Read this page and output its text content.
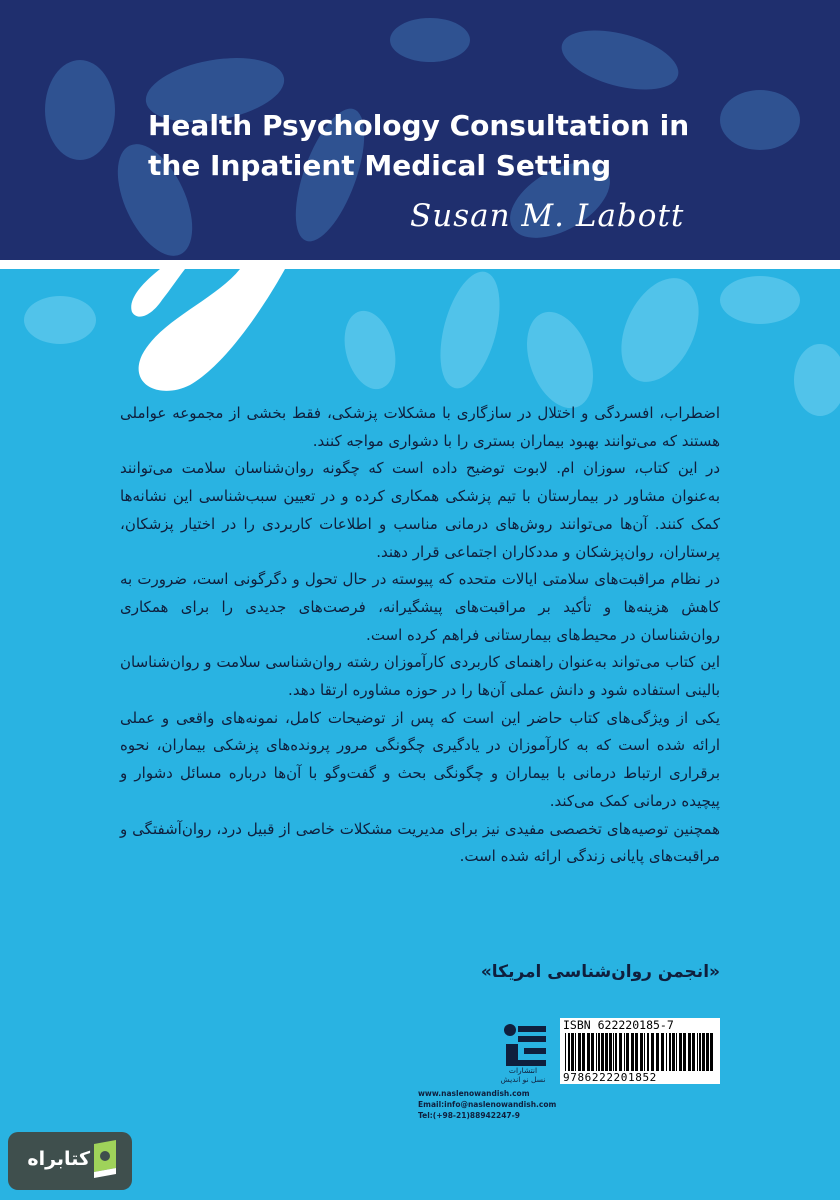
Health Psychology Consultation in
the Inpatient Medical Setting
Susan M. Labott

اضطراب، افسردگی و اختلال در سازگاری با مشکلات پزشکی، فقط بخشی از مجموعه عواملی هستند که می‌توانند بهبود بیماران بستری را با دشواری مواجه کنند.

در این کتاب، سوزان ام. لابوت توضیح داده است که چگونه روان‌شناسان سلامت می‌توانند به‌عنوان مشاور در بیمارستان با تیم پزشکی همکاری کرده و در تعیین سبب‌شناسی این نشانه‌ها کمک کنند. آن‌ها می‌توانند روش‌های درمانی مناسب و اطلاعات کاربردی را در اختیار پزشکان، پرستاران، روان‌پزشکان و مددکاران اجتماعی قرار دهند.

در نظام مراقبت‌های سلامتی ایالات متحده که پیوسته در حال تحول و دگرگونی است، ضرورت به کاهش هزینه‌ها و تأکید بر مراقبت‌های پیشگیرانه، فرصت‌های جدیدی را برای همکاری روان‌شناسان در محیط‌های بیمارستانی فراهم کرده است.

این کتاب می‌تواند به‌عنوان راهنمای کاربردی کارآموزان رشته روان‌شناسی سلامت و روان‌شناسان بالینی استفاده شود و دانش عملی آن‌ها را در حوزه مشاوره ارتقا دهد.

یکی از ویژگی‌های کتاب حاضر این است که پس از توضیحات کامل، نمونه‌های واقعی و عملی ارائه شده است که به کارآموزان در یادگیری چگونگی مرور پرونده‌های پزشکی بیماران، نحوه برقراری ارتباط درمانی با بیماران و چگونگی بحث و گفت‌وگو با آن‌ها درباره مسائل دشوار و پیچیده درمانی کمک می‌کند.

همچنین توصیه‌های تخصصی مفیدی نیز برای مدیریت مشکلات خاصی از قبیل درد، روان‌آشفتگی و مراقبت‌های پایانی زندگی ارائه شده است.

«انجمن روان‌شناسی امریکا»
انتشارات
نسل نو اندیش
www.naslenowandish.com
Email:info@naslenowandish.com
Tel:(+98-21)88942247-9
ISBN 622220185-7
9786222201852
کتابراه
